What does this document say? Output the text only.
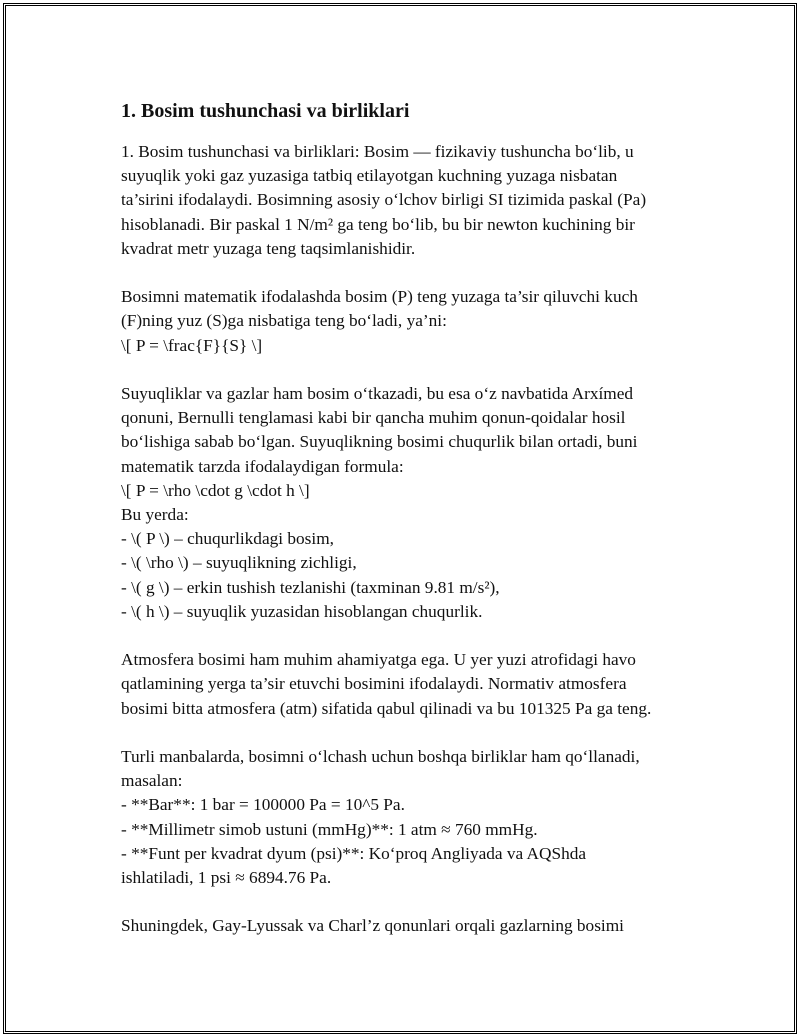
1. Bosim tushunchasi va birliklari
1. Bosim tushunchasi va birliklari: Bosim — fizikaviy tushuncha bo‘lib, u
suyuqlik yoki gaz yuzasiga tatbiq etilayotgan kuchning yuzaga nisbatan
ta’sirini ifodalaydi. Bosimning asosiy o‘lchov birligi SI tizimida paskal (Pa)
hisoblanadi. Bir paskal 1 N/m² ga teng bo‘lib, bu bir newton kuchining bir
kvadrat metr yuzaga teng taqsimlanishidir.
Bosimni matematik ifodalashda bosim (P) teng yuzaga ta’sir qiluvchi kuch
(F)ning yuz (S)ga nisbatiga teng bo‘ladi, ya’ni:
\[ P = \frac{F}{S} \]
Suyuqliklar va gazlar ham bosim o‘tkazadi, bu esa o‘z navbatida Arxímed
qonuni, Bernulli tenglamasi kabi bir qancha muhim qonun-qoidalar hosil
bo‘lishiga sabab bo‘lgan. Suyuqlikning bosimi chuqurlik bilan ortadi, buni
matematik tarzda ifodalaydigan formula:
\[ P = \rho \cdot g \cdot h \]
Bu yerda:
- \( P \) – chuqurlikdagi bosim,
- \( \rho \) – suyuqlikning zichligi,
- \( g \) – erkin tushish tezlanishi (taxminan 9.81 m/s²),
- \( h \) – suyuqlik yuzasidan hisoblangan chuqurlik.
Atmosfera bosimi ham muhim ahamiyatga ega. U yer yuzi atrofidagi havo
qatlamining yerga ta’sir etuvchi bosimini ifodalaydi. Normativ atmosfera
bosimi bitta atmosfera (atm) sifatida qabul qilinadi va bu 101325 Pa ga teng.
Turli manbalarda, bosimni o‘lchash uchun boshqa birliklar ham qo‘llanadi,
masalan:
- **Bar**: 1 bar = 100000 Pa = 10^5 Pa.
- **Millimetr simob ustuni (mmHg)**: 1 atm ≈ 760 mmHg.
- **Funt per kvadrat dyum (psi)**: Ko‘proq Angliyada va AQShda
ishlatiladi, 1 psi ≈ 6894.76 Pa.
Shuningdek, Gay-Lyussak va Charl’z qonunlari orqali gazlarning bosimi
